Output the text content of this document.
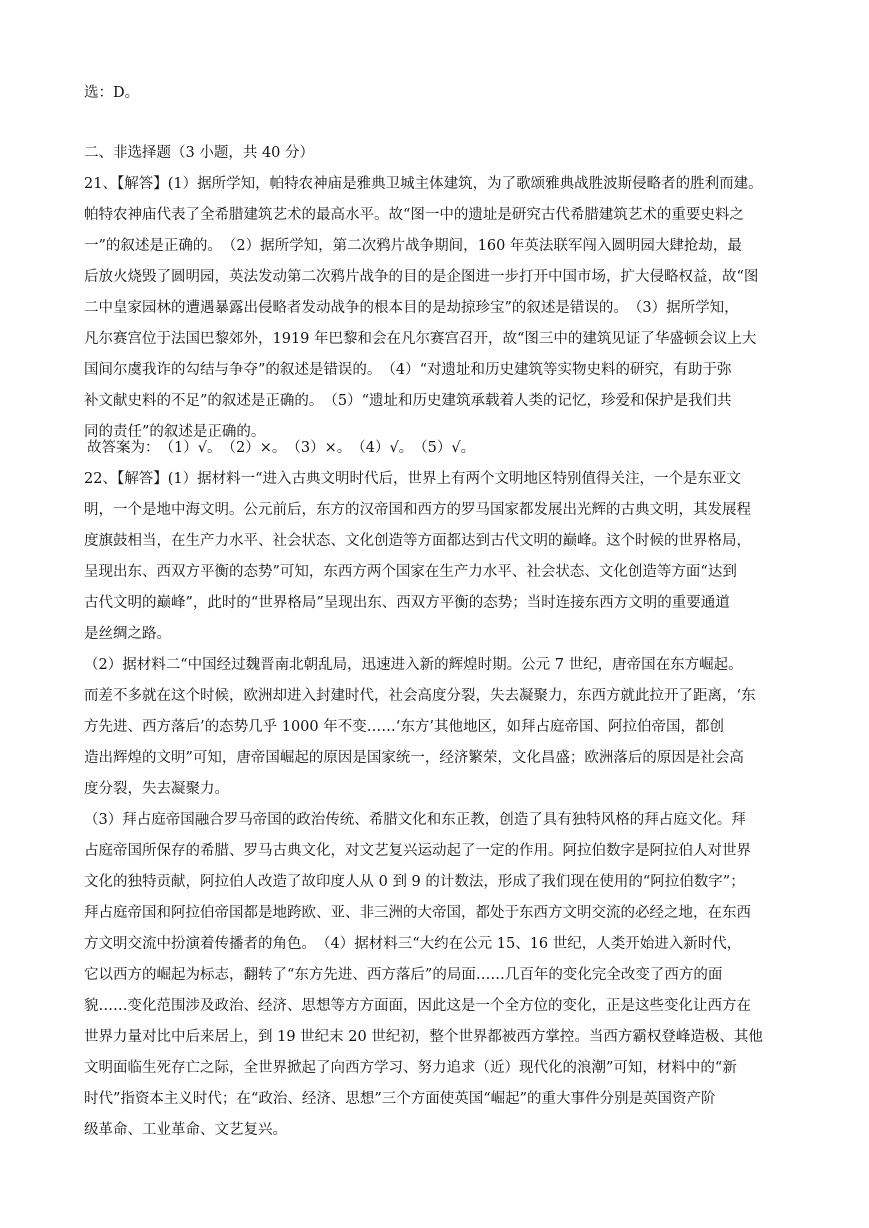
选：D。

二、非选择题（3 小题，共 40 分）

21、【解答】(1）据所学知，帕特农神庙是雅典卫城主体建筑，为了歌颂雅典战胜波斯侵略者的胜利而建。
帕特农神庙代表了全希腊建筑艺术的最高水平。故“图一中的遗址是研究古代希腊建筑艺术的重要史料之
一”的叙述是正确的。　（2）据所学知，第二次鸦片战争期间，160 年英法联军闯入圆明园大肆抢劫，最
后放火烧毁了圆明园，英法发动第二次鸦片战争的目的是企图进一步打开中国市场，扩大侵略权益，故“图
二中皇家园林的遭遇暴露出侵略者发动战争的根本目的是劫掠珍宝”的叙述是错误的。　（3）据所学知，
凡尔赛宫位于法国巴黎郊外，1919 年巴黎和会在凡尔赛宫召开，故“图三中的建筑见证了华盛顿会议上大
国间尔虞我诈的勾结与争夺”的叙述是错误的。　（4）“对遗址和历史建筑等实物史料的研究，有助于弥
补文献史料的不足”的叙述是正确的。　（5）“遗址和历史建筑承载着人类的记忆，珍爱和保护是我们共
同的责任”的叙述是正确的。

故答案为：　（1）√。　（2）×。　（3）×。　（4）√。　（5）√。

22、【解答】(1）据材料一“进入古典文明时代后，世界上有两个文明地区特别值得关注，一个是东亚文
明，一个是地中海文明。公元前后，东方的汉帝国和西方的罗马国家都发展出光辉的古典文明，其发展程
度旗鼓相当，在生产力水平、社会状态、文化创造等方面都达到古代文明的巅峰。这个时候的世界格局，
呈现出东、西双方平衡的态势”可知，东西方两个国家在生产力水平、社会状态、文化创造等方面“达到
古代文明的巅峰”，此时的“世界格局”呈现出东、西双方平衡的态势；当时连接东西方文明的重要通道
是丝绸之路。
（2）据材料二“中国经过魏晋南北朝乱局，迅速进入新的辉煌时期。公元 7 世纪，唐帝国在东方崛起。
而差不多就在这个时候，欧洲却进入封建时代，社会高度分裂，失去凝聚力，东西方就此拉开了距离，‘东
方先进、西方落后’的态势几乎 1000 年不变……‘东方’其他地区，如拜占庭帝国、阿拉伯帝国，都创
造出辉煌的文明”可知，唐帝国崛起的原因是国家统一，经济繁荣，文化昌盛；欧洲落后的原因是社会高
度分裂，失去凝聚力。
（3）拜占庭帝国融合罗马帝国的政治传统、希腊文化和东正教，创造了具有独特风格的拜占庭文化。拜
占庭帝国所保存的希腊、罗马古典文化，对文艺复兴运动起了一定的作用。阿拉伯数字是阿拉伯人对世界
文化的独特贡献，阿拉伯人改造了故印度人从 0 到 9 的计数法，形成了我们现在使用的“阿拉伯数字”；
拜占庭帝国和阿拉伯帝国都是地跨欧、亚、非三洲的大帝国，都处于东西方文明交流的必经之地，在东西
方文明交流中扮演着传播者的角色。　（4）据材料三“大约在公元 15、16 世纪，人类开始进入新时代，
它以西方的崛起为标志，翻转了“东方先进、西方落后”的局面……几百年的变化完全改变了西方的面
貌……变化范围涉及政治、经济、思想等方方面面，因此这是一个全方位的变化，正是这些变化让西方在
世界力量对比中后来居上，到 19 世纪末 20 世纪初，整个世界都被西方掌控。当西方霸权登峰造极、其他
文明面临生死存亡之际，全世界掀起了向西方学习、努力追求（近）现代化的浪潮”可知，材料中的“新
时代”指资本主义时代；在“政治、经济、思想”三个方面使英国“崛起”的重大事件分别是英国资产阶
级革命、工业革命、文艺复兴。
